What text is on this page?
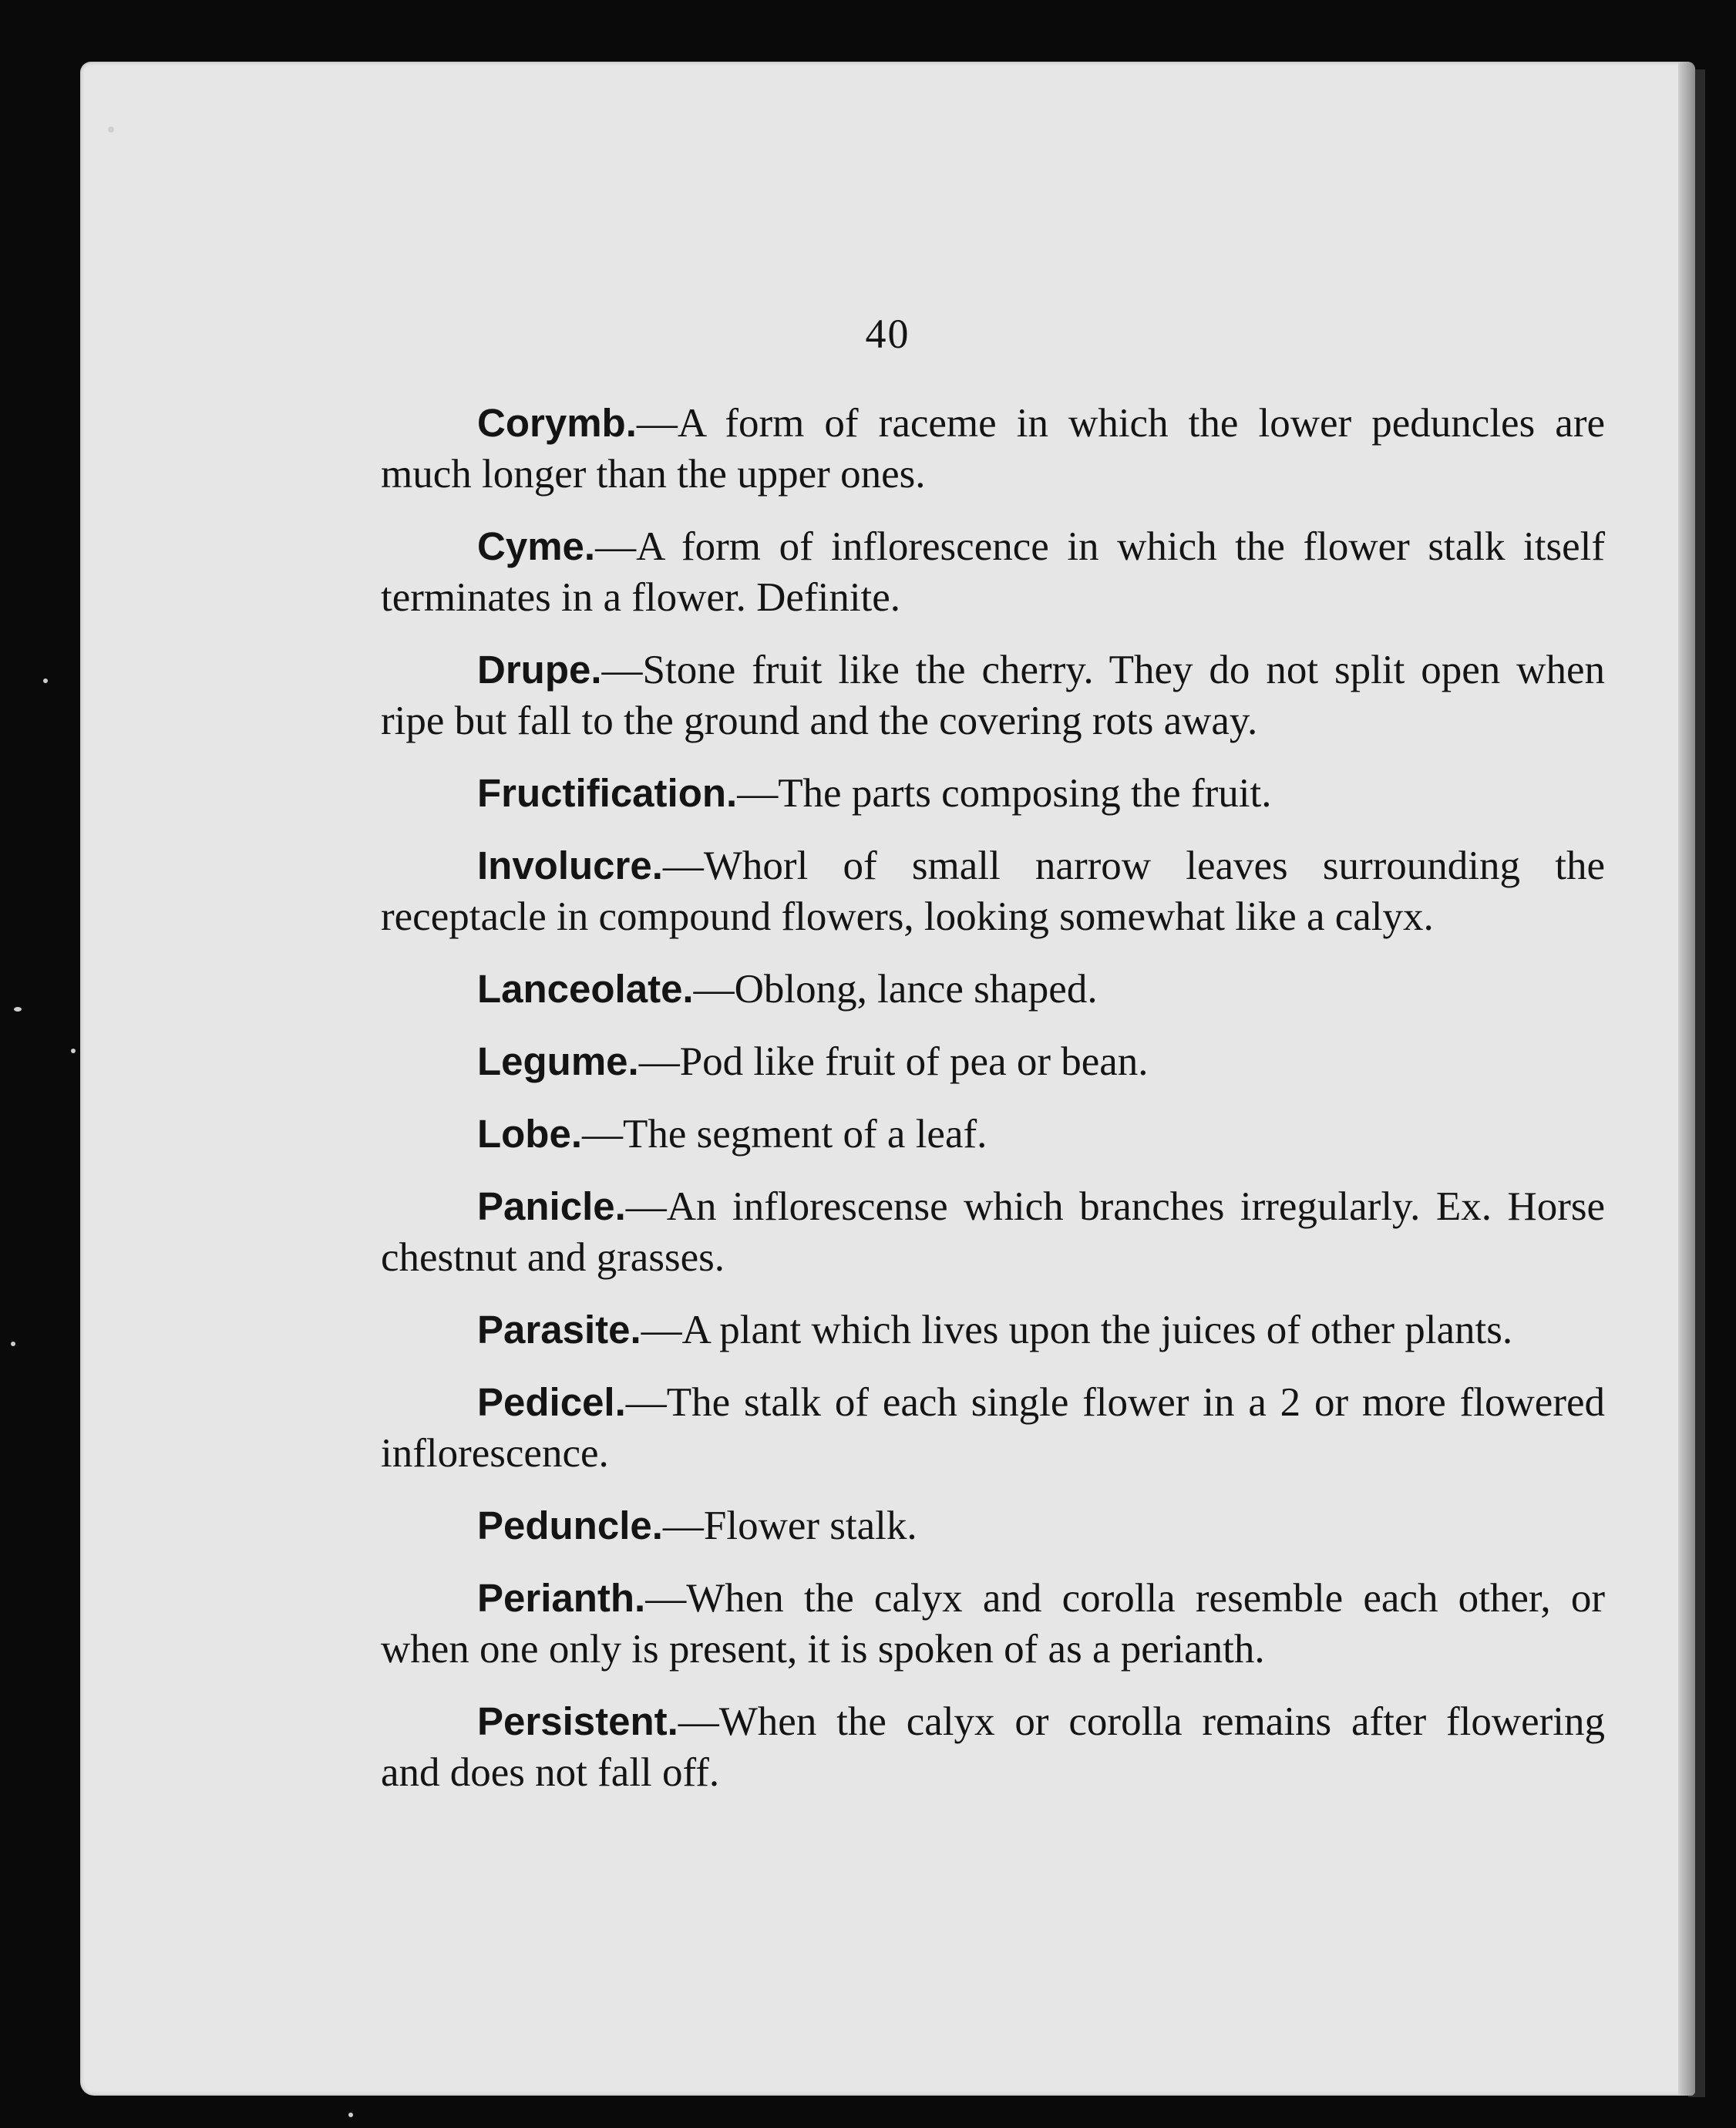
40

Corymb.—A form of raceme in which the lower peduncles are much longer than the upper ones.

Cyme.—A form of inflorescence in which the flower stalk itself terminates in a flower. Definite.

Drupe.—Stone fruit like the cherry. They do not split open when ripe but fall to the ground and the covering rots away.

Fructification.—The parts composing the fruit.

Involucre.—Whorl of small narrow leaves surrounding the receptacle in compound flowers, looking somewhat like a calyx.

Lanceolate.—Oblong, lance shaped.

Legume.—Pod like fruit of pea or bean.

Lobe.—The segment of a leaf.

Panicle.—An inflorescense which branches irregularly. Ex. Horse chestnut and grasses.

Parasite.—A plant which lives upon the juices of other plants.

Pedicel.—The stalk of each single flower in a 2 or more flowered inflorescence.

Peduncle.—Flower stalk.

Perianth.—When the calyx and corolla resemble each other, or when one only is present, it is spoken of as a perianth.

Persistent.—When the calyx or corolla remains after flowering and does not fall off.
